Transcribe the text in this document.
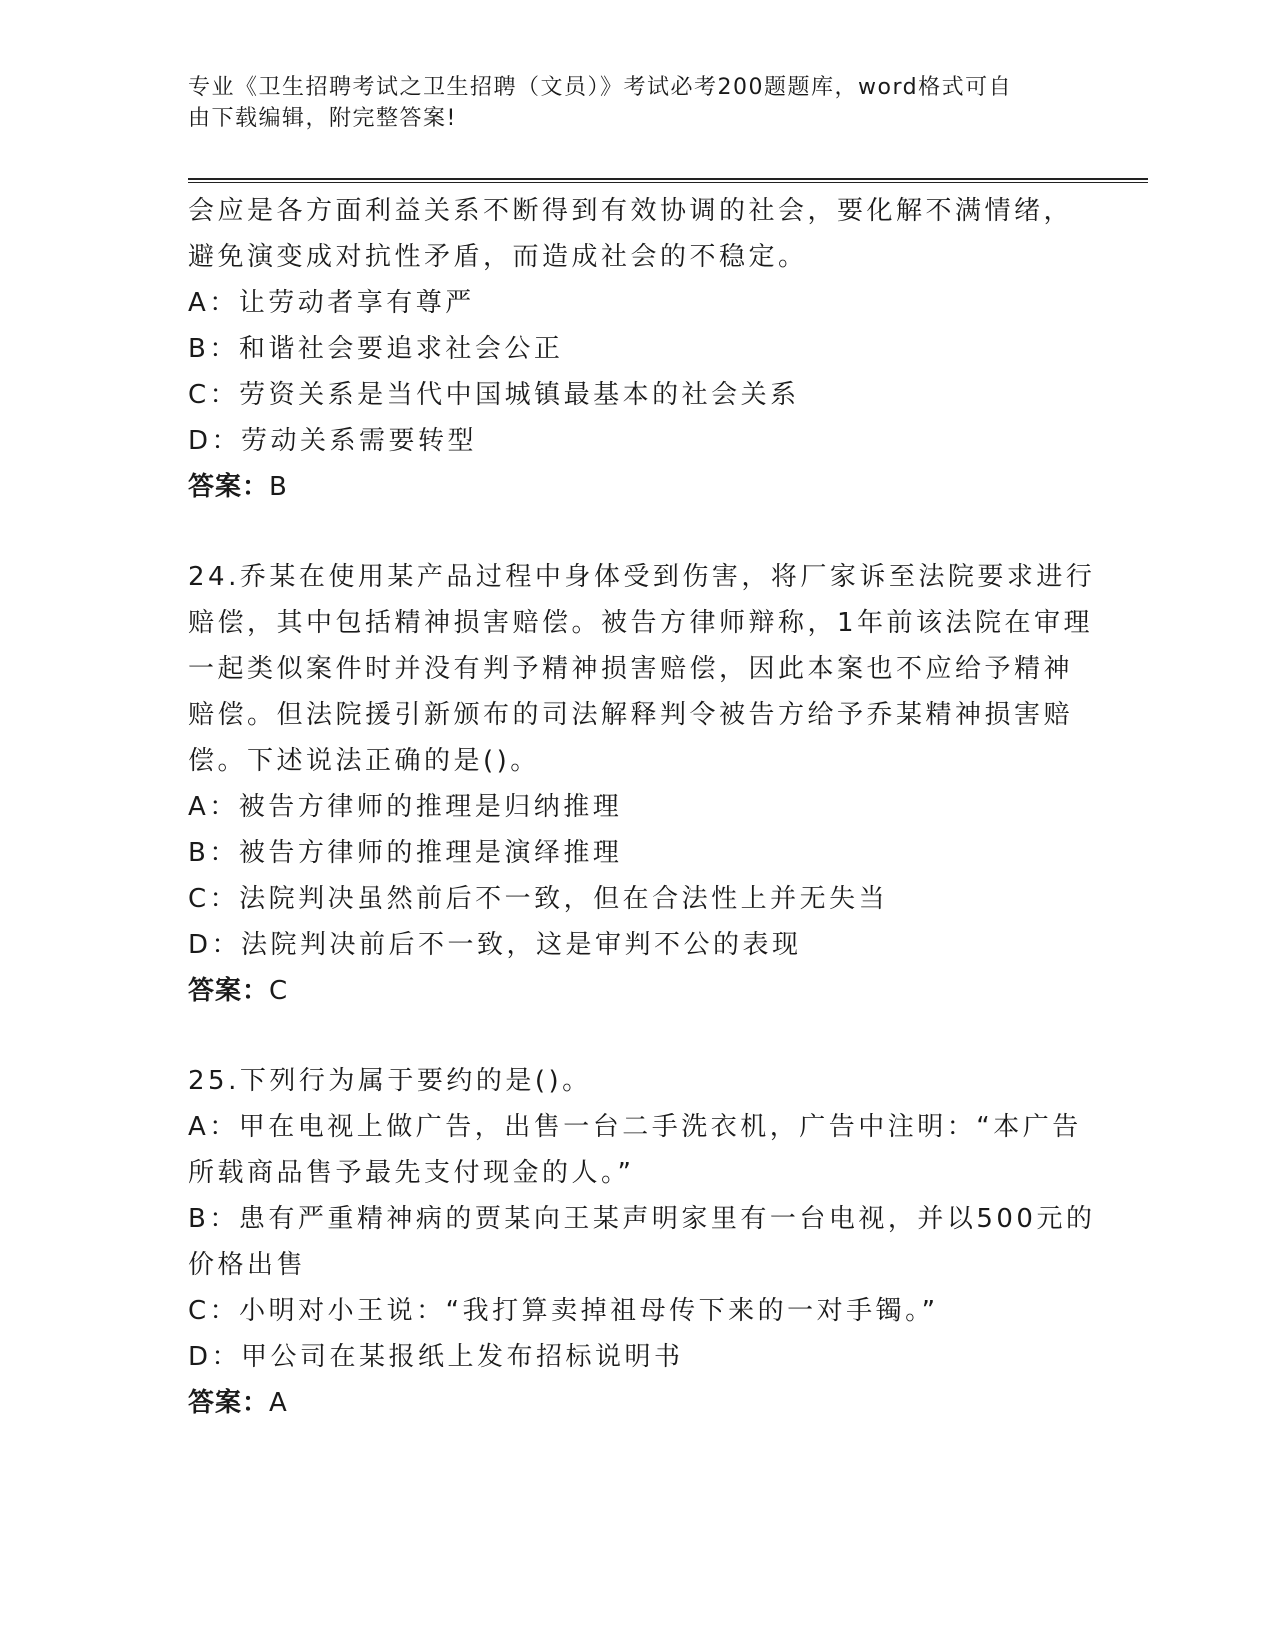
专业《卫生招聘考试之卫生招聘（文员）》考试必考200题题库，word格式可自
由下载编辑，附完整答案!
会应是各方面利益关系不断得到有效协调的社会，要化解不满情绪，
避免演变成对抗性矛盾，而造成社会的不稳定。
A：让劳动者享有尊严
B：和谐社会要追求社会公正
C：劳资关系是当代中国城镇最基本的社会关系
D：劳动关系需要转型
答案：B
24.乔某在使用某产品过程中身体受到伤害，将厂家诉至法院要求进行
赔偿，其中包括精神损害赔偿。被告方律师辩称，1年前该法院在审理
一起类似案件时并没有判予精神损害赔偿，因此本案也不应给予精神
赔偿。但法院援引新颁布的司法解释判令被告方给予乔某精神损害赔
偿。下述说法正确的是()。
A：被告方律师的推理是归纳推理
B：被告方律师的推理是演绎推理
C：法院判决虽然前后不一致，但在合法性上并无失当
D：法院判决前后不一致，这是审判不公的表现
答案：C
25.下列行为属于要约的是()。
A：甲在电视上做广告，出售一台二手洗衣机，广告中注明：“本广告
所载商品售予最先支付现金的人。”
B：患有严重精神病的贾某向王某声明家里有一台电视，并以500元的
价格出售
C：小明对小王说：“我打算卖掉祖母传下来的一对手镯。”
D：甲公司在某报纸上发布招标说明书
答案：A
